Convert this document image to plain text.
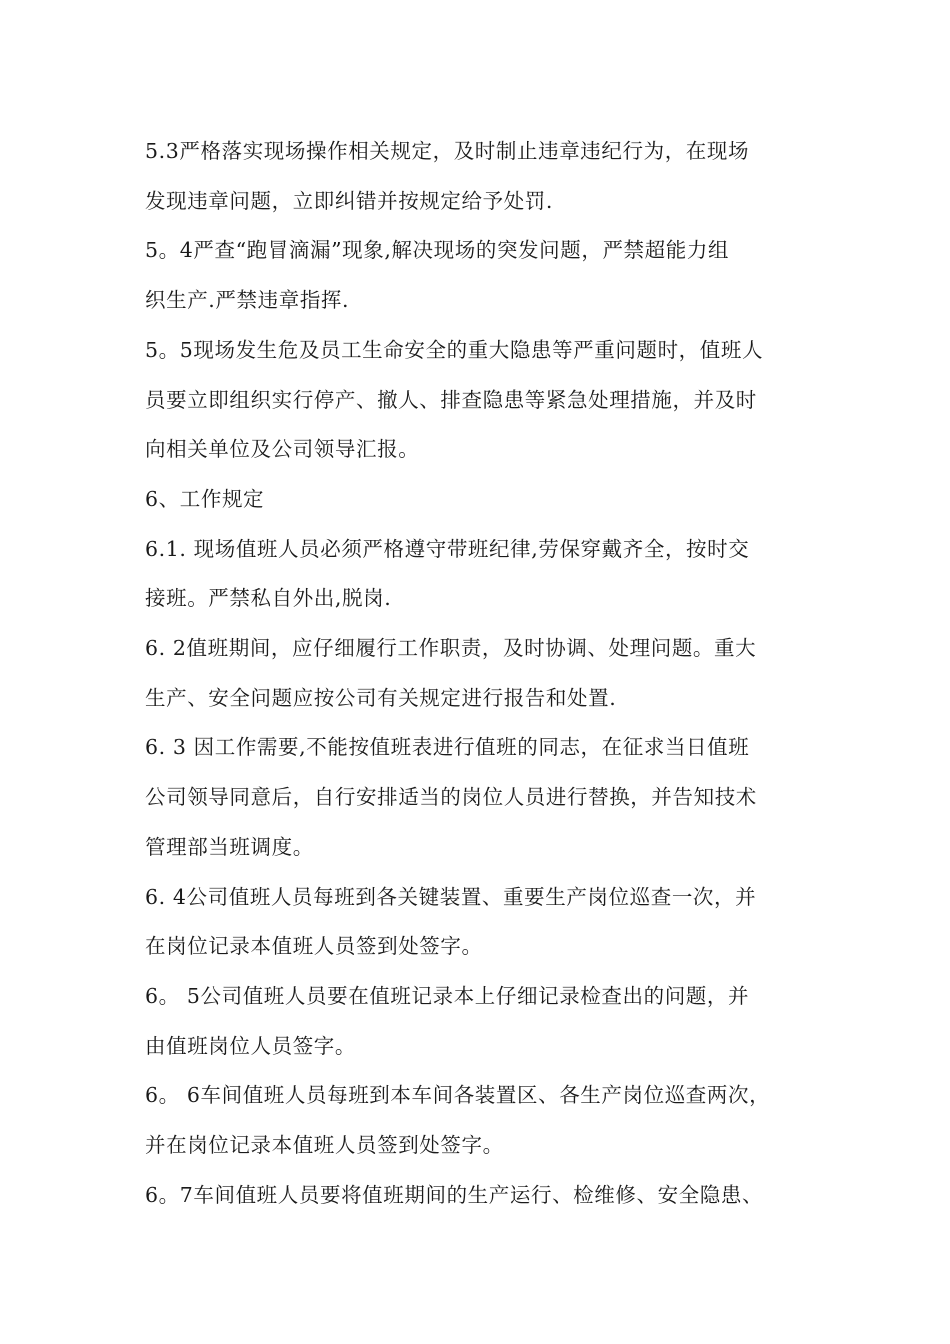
5.3严格落实现场操作相关规定，及时制止违章违纪行为，在现场
发现违章问题，立即纠错并按规定给予处罚.
5。4严查“跑冒滴漏”现象,解决现场的突发问题，严禁超能力组
织生产.严禁违章指挥.
5。5现场发生危及员工生命安全的重大隐患等严重问题时，值班人
员要立即组织实行停产、撤人、排查隐患等紧急处理措施，并及时
向相关单位及公司领导汇报。
6、工作规定
6.1. 现场值班人员必须严格遵守带班纪律,劳保穿戴齐全，按时交
接班。严禁私自外出,脱岗.
6. 2值班期间，应仔细履行工作职责，及时协调、处理问题。重大
生产、安全问题应按公司有关规定进行报告和处置.
6. 3 因工作需要,不能按值班表进行值班的同志，在征求当日值班
公司领导同意后，自行安排适当的岗位人员进行替换，并告知技术
管理部当班调度。
6. 4公司值班人员每班到各关键装置、重要生产岗位巡查一次，并
在岗位记录本值班人员签到处签字。
6。 5公司值班人员要在值班记录本上仔细记录检查出的问题，并
由值班岗位人员签字。
6。 6车间值班人员每班到本车间各装置区、各生产岗位巡查两次，
并在岗位记录本值班人员签到处签字。
6。7车间值班人员要将值班期间的生产运行、检维修、安全隐患、
